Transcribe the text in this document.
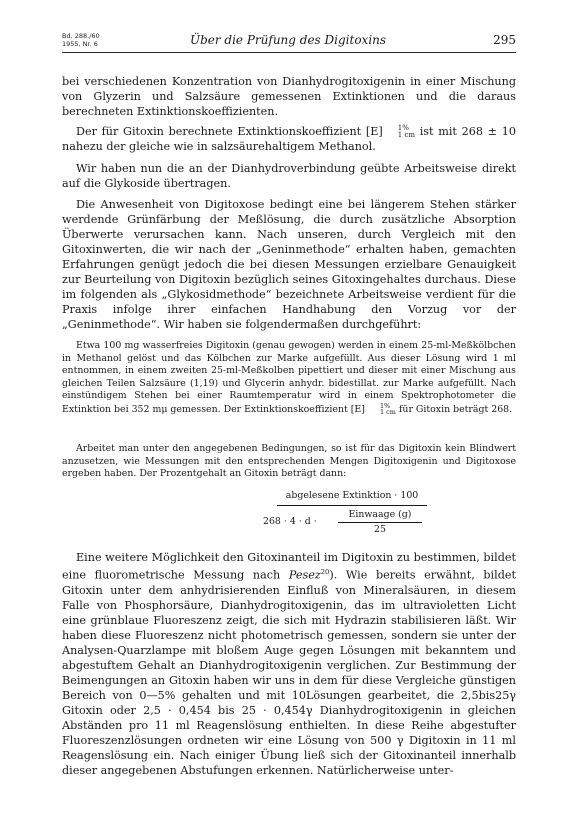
Bd. 288./60
1955, Nr. 6	Über die Prüfung des Digitoxins	295

bei verschiedenen Konzentration von Dianhydrogitoxigenin in einer Mischung von Glyzerin und Salzsäure gemessenen Extinktionen und die daraus berechneten Extinktionskoeffizienten.

Der für Gitoxin berechnete Extinktionskoeffizient [E]	1%
1 cm ist mit 268 ± 10 nahezu der gleiche wie in salzsäurehaltigem Methanol.

Wir haben nun die an der Dianhydroverbindung geübte Arbeitsweise direkt auf die Glykoside übertragen.

Die Anwesenheit von Digitoxose bedingt eine bei längerem Stehen stärker werdende Grünfärbung der Meßlösung, die durch zusätzliche Absorption Überwerte verursachen kann. Nach unseren, durch Vergleich mit den Gitoxinwerten, die wir nach der „Geninmethode“ erhalten haben, gemachten Erfahrungen genügt jedoch die bei diesen Messungen erzielbare Genauigkeit zur Beurteilung von Digitoxin bezüglich seines Gitoxingehaltes durchaus. Diese im folgenden als „Glykosidmethode“ bezeichnete Arbeitsweise verdient für die Praxis infolge ihrer einfachen Handhabung den Vorzug vor der „Geninmethode“. Wir haben sie folgendermaßen durchgeführt:

Etwa 100 mg wasserfreies Digitoxin (genau gewogen) werden in einem 25-ml-Meßkölbchen in Methanol gelöst und das Kölbchen zur Marke aufgefüllt. Aus dieser Lösung wird 1 ml entnommen, in einem zweiten 25-ml-Meßkolben pipettiert und dieser mit einer Mischung aus gleichen Teilen Salzsäure (1,19) und Glycerin anhydr. bidestillat. zur Marke aufgefüllt. Nach einstündigem Stehen bei einer Raumtemperatur wird in einem Spektrophotometer die Extinktion bei 352 mμ gemessen. Der Extinktionskoeffizient [E]	1%
1 cm für Gitoxin beträgt 268.

Arbeitet man unter den angegebenen Bedingungen, so ist für das Digitoxin kein Blindwert anzusetzen, wie Messungen mit den entsprechenden Mengen Digitoxigenin und Digitoxose ergeben haben. Der Prozentgehalt an Gitoxin beträgt dann:

abgelesene Extinktion · 100
268 · 4 · d ·
Einwaage (g)
25

Eine weitere Möglichkeit den Gitoxinanteil im Digitoxin zu bestimmen, bildet eine fluorometrische Messung nach Pesez$^{20}$). Wie bereits erwähnt, bildet Gitoxin unter dem anhydrisierenden Einfluß von Mineralsäuren, in diesem Falle von Phosphorsäure, Dianhydrogitoxigenin, das im ultravioletten Licht eine grünblaue Fluoreszenz zeigt, die sich mit Hydrazin stabilisieren läßt. Wir haben diese Fluoreszenz nicht photometrisch gemessen, sondern sie unter der Analysen-Quarzlampe mit bloßem Auge gegen Lösungen mit bekanntem und abgestuftem Gehalt an Dianhydrogitoxigenin verglichen. Zur Bestimmung der Beimengungen an Gitoxin haben wir uns in dem für diese Vergleiche günstigen Bereich von 0—5% gehalten und mit 10Lösungen gearbeitet, die 2,5bis25γ Gitoxin oder 2,5 · 0,454 bis 25 · 0,454γ Dianhydrogitoxigenin in gleichen Abständen pro 11 ml Reagenslösung enthielten. In diese Reihe abgestufter Fluoreszenzlösungen ordneten wir eine Lösung von 500 γ Digitoxin in 11 ml Reagenslösung ein. Nach einiger Übung ließ sich der Gitoxinanteil innerhalb dieser angegebenen Abstufungen erkennen. Natürlicherweise unter-
